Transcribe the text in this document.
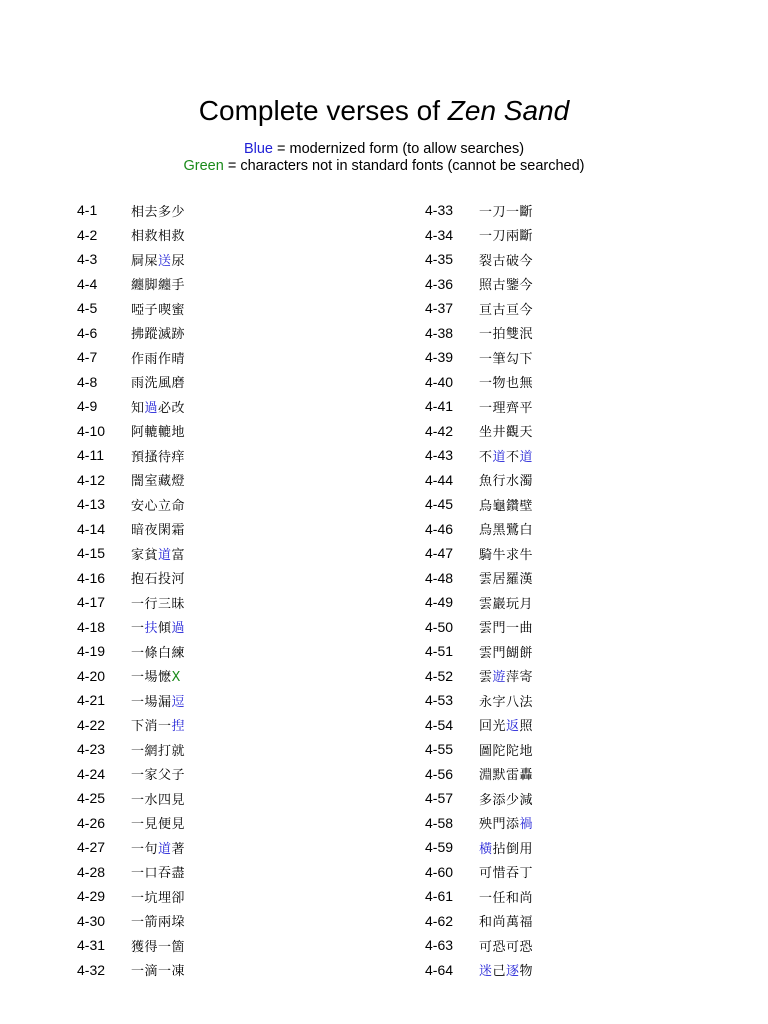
Complete verses of Zen Sand
Blue = modernized form (to allow searches)
Green = characters not in standard fonts (cannot be searched)
4-1	相去多少
4-2	相救相救
4-3	屙屎送尿
4-4	纏脚纏手
4-5	啞子喫蜜
4-6	拂蹤滅跡
4-7	作雨作晴
4-8	雨洗風磨
4-9	知過必改
4-10	阿轆轆地
4-11	預搔待痒
4-12	闇室藏燈
4-13	安心立命
4-14	暗夜閑霜
4-15	家貧道富
4-16	抱石投河
4-17	一行三昧
4-18	一扶傾過
4-19	一條白練
4-20	一場懡X
4-21	一場漏逗
4-22	下消一揑
4-23	一網打就
4-24	一家父子
4-25	一水四見
4-26	一見便見
4-27	一句道著
4-28	一口吞盡
4-29	一坑埋卻
4-30	一箭兩垜
4-31	獲得一箇
4-32	一滴一凍
4-33	一刀一斷
4-34	一刀兩斷
4-35	裂古破今
4-36	照古鑒今
4-37	亘古亘今
4-38	一拍雙泯
4-39	一筆勾下
4-40	一物也無
4-41	一理齊平
4-42	坐井觀天
4-43	不道不道
4-44	魚行水濁
4-45	烏龜鑽壁
4-46	烏黑鷺白
4-47	騎牛求牛
4-48	雲居羅漢
4-49	雲巖玩月
4-50	雲門一曲
4-51	雲門餬餅
4-52	雲遊萍寄
4-53	永字八法
4-54	回光返照
4-55	圖陀陀地
4-56	淵默雷轟
4-57	多添少減
4-58	殃門添禍
4-59	橫拈倒用
4-60	可惜吞丁
4-61	一任和尚
4-62	和尚萬福
4-63	可恐可恐
4-64	迷己逐物
